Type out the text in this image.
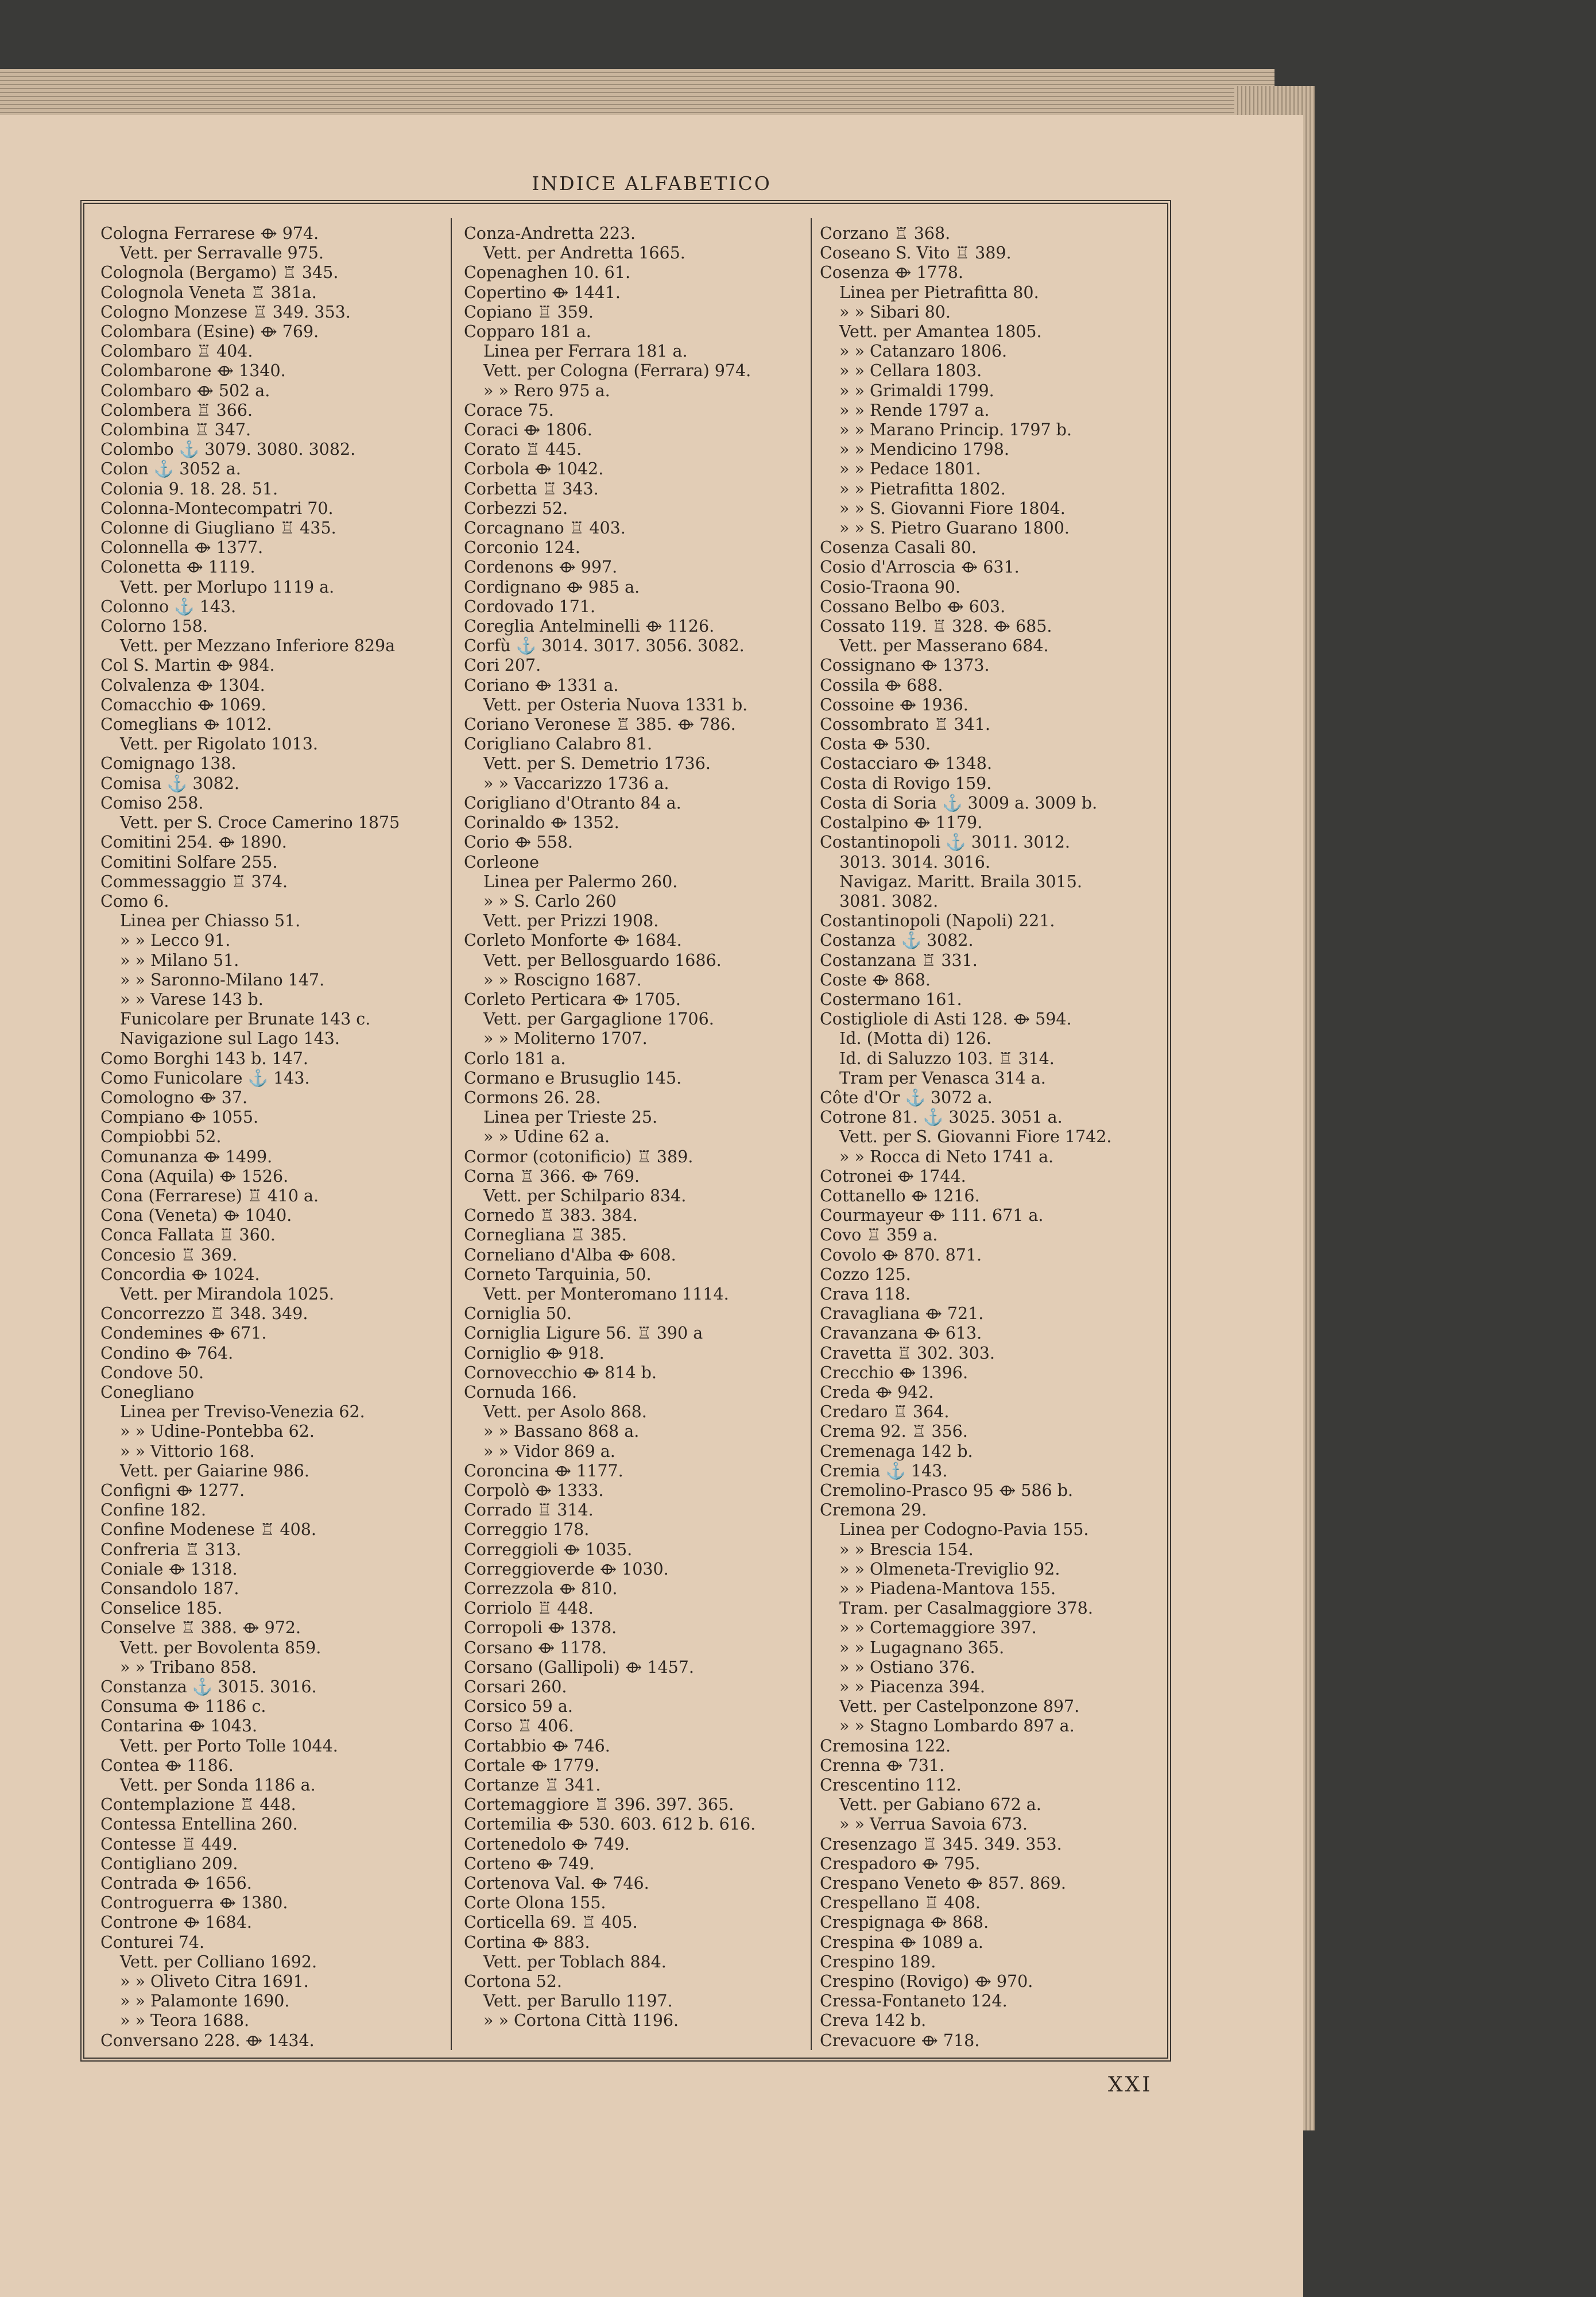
INDICE ALFABETICO
Cologna Ferrarese ⟴ 974.
Vett. per Serravalle 975.
Colognola (Bergamo) ♖ 345.
Colognola Veneta ♖ 381a.
Cologno Monzese ♖ 349. 353.
Colombara (Esine) ⟴ 769.
Colombaro ♖ 404.
Colombarone ⟴ 1340.
Colombaro ⟴ 502 a.
Colombera ♖ 366.
Colombina ♖ 347.
Colombo ⚓ 3079. 3080. 3082.
Colon ⚓ 3052 a.
Colonia 9. 18. 28. 51.
Colonna-Montecompatri 70.
Colonne di Giugliano ♖ 435.
Colonnella ⟴ 1377.
Colonetta ⟴ 1119.
Vett. per Morlupo 1119 a.
Colonno ⚓ 143.
Colorno 158.
Vett. per Mezzano Inferiore 829a
Col S. Martin ⟴ 984.
Colvalenza ⟴ 1304.
Comacchio ⟴ 1069.
Comeglians ⟴ 1012.
Vett. per Rigolato 1013.
Comignago 138.
Comisa ⚓ 3082.
Comiso 258.
Vett. per S. Croce Camerino 1875
Comitini 254. ⟴ 1890.
Comitini Solfare 255.
Commessaggio ♖ 374.
Como 6.
Linea per Chiasso 51.
» » Lecco 91.
» » Milano 51.
» » Saronno-Milano 147.
» » Varese 143 b.
Funicolare per Brunate 143 c.
Navigazione sul Lago 143.
Como Borghi 143 b. 147.
Como Funicolare ⚓ 143.
Comologno ⟴ 37.
Compiano ⟴ 1055.
Compiobbi 52.
Comunanza ⟴ 1499.
Cona (Aquila) ⟴ 1526.
Cona (Ferrarese) ♖ 410 a.
Cona (Veneta) ⟴ 1040.
Conca Fallata ♖ 360.
Concesio ♖ 369.
Concordia ⟴ 1024.
Vett. per Mirandola 1025.
Concorrezzo ♖ 348. 349.
Condemines ⟴ 671.
Condino ⟴ 764.
Condove 50.
Conegliano
Linea per Treviso-Venezia 62.
» » Udine-Pontebba 62.
» » Vittorio 168.
Vett. per Gaiarine 986.
Configni ⟴ 1277.
Confine 182.
Confine Modenese ♖ 408.
Confreria ♖ 313.
Coniale ⟴ 1318.
Consandolo 187.
Conselice 185.
Conselve ♖ 388. ⟴ 972.
Vett. per Bovolenta 859.
» » Tribano 858.
Constanza ⚓ 3015. 3016.
Consuma ⟴ 1186 c.
Contarina ⟴ 1043.
Vett. per Porto Tolle 1044.
Contea ⟴ 1186.
Vett. per Sonda 1186 a.
Contemplazione ♖ 448.
Contessa Entellina 260.
Contesse ♖ 449.
Contigliano 209.
Contrada ⟴ 1656.
Controguerra ⟴ 1380.
Controne ⟴ 1684.
Conturei 74.
Vett. per Colliano 1692.
» » Oliveto Citra 1691.
» » Palamonte 1690.
» » Teora 1688.
Conversano 228. ⟴ 1434.
Conza-Andretta 223.
Vett. per Andretta 1665.
Copenaghen 10. 61.
Copertino ⟴ 1441.
Copiano ♖ 359.
Copparo 181 a.
Linea per Ferrara 181 a.
Vett. per Cologna (Ferrara) 974.
» » Rero 975 a.
Corace 75.
Coraci ⟴ 1806.
Corato ♖ 445.
Corbola ⟴ 1042.
Corbetta ♖ 343.
Corbezzi 52.
Corcagnano ♖ 403.
Corconio 124.
Cordenons ⟴ 997.
Cordignano ⟴ 985 a.
Cordovado 171.
Coreglia Antelminelli ⟴ 1126.
Corfù ⚓ 3014. 3017. 3056. 3082.
Cori 207.
Coriano ⟴ 1331 a.
Vett. per Osteria Nuova 1331 b.
Coriano Veronese ♖ 385. ⟴ 786.
Corigliano Calabro 81.
Vett. per S. Demetrio 1736.
» » Vaccarizzo 1736 a.
Corigliano d'Otranto 84 a.
Corinaldo ⟴ 1352.
Corio ⟴ 558.
Corleone
Linea per Palermo 260.
» » S. Carlo 260
Vett. per Prizzi 1908.
Corleto Monforte ⟴ 1684.
Vett. per Bellosguardo 1686.
» » Roscigno 1687.
Corleto Perticara ⟴ 1705.
Vett. per Gargaglione 1706.
» » Moliterno 1707.
Corlo 181 a.
Cormano e Brusuglio 145.
Cormons 26. 28.
Linea per Trieste 25.
» » Udine 62 a.
Cormor (cotonificio) ♖ 389.
Corna ♖ 366. ⟴ 769.
Vett. per Schilpario 834.
Cornedo ♖ 383. 384.
Cornegliana ♖ 385.
Corneliano d'Alba ⟴ 608.
Corneto Tarquinia, 50.
Vett. per Monteromano 1114.
Corniglia 50.
Corniglia Ligure 56. ♖ 390 a
Corniglio ⟴ 918.
Cornovecchio ⟴ 814 b.
Cornuda 166.
Vett. per Asolo 868.
» » Bassano 868 a.
» » Vidor 869 a.
Coroncina ⟴ 1177.
Corpolò ⟴ 1333.
Corrado ♖ 314.
Correggio 178.
Correggioli ⟴ 1035.
Correggioverde ⟴ 1030.
Correzzola ⟴ 810.
Corriolo ♖ 448.
Corropoli ⟴ 1378.
Corsano ⟴ 1178.
Corsano (Gallipoli) ⟴ 1457.
Corsari 260.
Corsico 59 a.
Corso ♖ 406.
Cortabbio ⟴ 746.
Cortale ⟴ 1779.
Cortanze ♖ 341.
Cortemaggiore ♖ 396. 397. 365.
Cortemilia ⟴ 530. 603. 612 b. 616.
Cortenedolo ⟴ 749.
Corteno ⟴ 749.
Cortenova Val. ⟴ 746.
Corte Olona 155.
Corticella 69. ♖ 405.
Cortina ⟴ 883.
Vett. per Toblach 884.
Cortona 52.
Vett. per Barullo 1197.
» » Cortona Città 1196.
Corzano ♖ 368.
Coseano S. Vito ♖ 389.
Cosenza ⟴ 1778.
Linea per Pietrafitta 80.
» » Sibari 80.
Vett. per Amantea 1805.
» » Catanzaro 1806.
» » Cellara 1803.
» » Grimaldi 1799.
» » Rende 1797 a.
» » Marano Princip. 1797 b.
» » Mendicino 1798.
» » Pedace 1801.
» » Pietrafitta 1802.
» » S. Giovanni Fiore 1804.
» » S. Pietro Guarano 1800.
Cosenza Casali 80.
Cosio d'Arroscia ⟴ 631.
Cosio-Traona 90.
Cossano Belbo ⟴ 603.
Cossato 119. ♖ 328. ⟴ 685.
Vett. per Masserano 684.
Cossignano ⟴ 1373.
Cossila ⟴ 688.
Cossoine ⟴ 1936.
Cossombrato ♖ 341.
Costa ⟴ 530.
Costacciaro ⟴ 1348.
Costa di Rovigo 159.
Costa di Soria ⚓ 3009 a. 3009 b.
Costalpino ⟴ 1179.
Costantinopoli ⚓ 3011. 3012.
3013. 3014. 3016.
Navigaz. Maritt. Braila 3015.
3081. 3082.
Costantinopoli (Napoli) 221.
Costanza ⚓ 3082.
Costanzana ♖ 331.
Coste ⟴ 868.
Costermano 161.
Costigliole di Asti 128. ⟴ 594.
Id. (Motta di) 126.
Id. di Saluzzo 103. ♖ 314.
Tram per Venasca 314 a.
Côte d'Or ⚓ 3072 a.
Cotrone 81. ⚓ 3025. 3051 a.
Vett. per S. Giovanni Fiore 1742.
» » Rocca di Neto 1741 a.
Cotronei ⟴ 1744.
Cottanello ⟴ 1216.
Courmayeur ⟴ 111. 671 a.
Covo ♖ 359 a.
Covolo ⟴ 870. 871.
Cozzo 125.
Crava 118.
Cravagliana ⟴ 721.
Cravanzana ⟴ 613.
Cravetta ♖ 302. 303.
Crecchio ⟴ 1396.
Creda ⟴ 942.
Credaro ♖ 364.
Crema 92. ♖ 356.
Cremenaga 142 b.
Cremia ⚓ 143.
Cremolino-Prasco 95 ⟴ 586 b.
Cremona 29.
Linea per Codogno-Pavia 155.
» » Brescia 154.
» » Olmeneta-Treviglio 92.
» » Piadena-Mantova 155.
Tram. per Casalmaggiore 378.
» » Cortemaggiore 397.
» » Lugagnano 365.
» » Ostiano 376.
» » Piacenza 394.
Vett. per Castelponzone 897.
» » Stagno Lombardo 897 a.
Cremosina 122.
Crenna ⟴ 731.
Crescentino 112.
Vett. per Gabiano 672 a.
» » Verrua Savoia 673.
Cresenzago ♖ 345. 349. 353.
Crespadoro ⟴ 795.
Crespano Veneto ⟴ 857. 869.
Crespellano ♖ 408.
Crespignaga ⟴ 868.
Crespina ⟴ 1089 a.
Crespino 189.
Crespino (Rovigo) ⟴ 970.
Cressa-Fontaneto 124.
Creva 142 b.
Crevacuore ⟴ 718.
XXI
